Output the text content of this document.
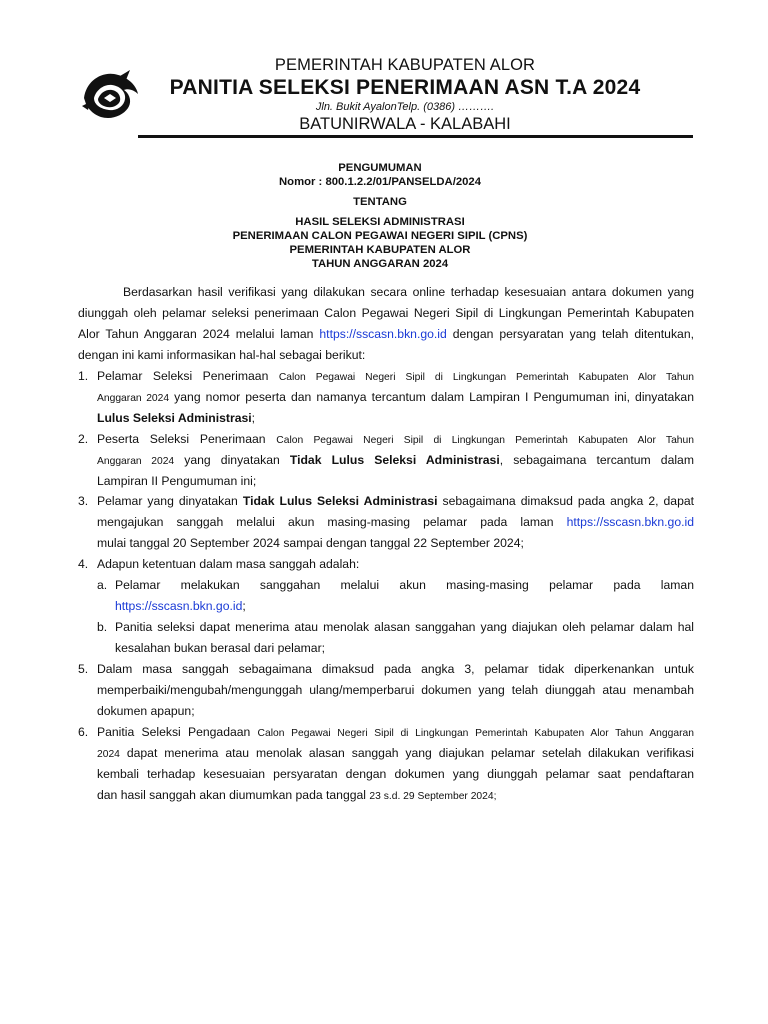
PEMERINTAH KABUPATEN ALOR
PANITIA SELEKSI PENERIMAAN ASN T.A 2024
Jln. Bukit AyalonTelp. (0386) ……….
BATUNIRWALA - KALABAHI
PENGUMUMAN
Nomor : 800.1.2.2/01/PANSELDA/2024
TENTANG
HASIL SELEKSI ADMINISTRASI
PENERIMAAN CALON PEGAWAI NEGERI SIPIL (CPNS)
PEMERINTAH KABUPATEN ALOR
TAHUN ANGGARAN 2024
Berdasarkan hasil verifikasi yang dilakukan secara online terhadap kesesuaian antara dokumen yang
diunggah oleh pelamar seleksi penerimaan Calon Pegawai Negeri Sipil di Lingkungan Pemerintah Kabupaten
Alor Tahun Anggaran 2024 melalui laman https://sscasn.bkn.go.id dengan persyaratan yang telah ditentukan,
dengan ini kami informasikan hal-hal sebagai berikut:
1. Pelamar Seleksi Penerimaan Calon Pegawai Negeri Sipil di Lingkungan Pemerintah Kabupaten Alor Tahun
Anggaran 2024 yang nomor peserta dan namanya tercantum dalam Lampiran I Pengumuman ini, dinyatakan
Lulus Seleksi Administrasi;
2. Peserta Seleksi Penerimaan Calon Pegawai Negeri Sipil di Lingkungan Pemerintah Kabupaten Alor Tahun
Anggaran 2024 yang dinyatakan Tidak Lulus Seleksi Administrasi, sebagaimana tercantum dalam
Lampiran II Pengumuman ini;
3. Pelamar yang dinyatakan Tidak Lulus Seleksi Administrasi sebagaimana dimaksud pada angka 2, dapat
mengajukan sanggah melalui akun masing-masing pelamar pada laman https://sscasn.bkn.go.id
mulai tanggal 20 September 2024 sampai dengan tanggal 22 September 2024;
4. Adapun ketentuan dalam masa sanggah adalah:
a. Pelamar melakukan sanggahan melalui akun masing-masing pelamar pada laman
https://sscasn.bkn.go.id;
b. Panitia seleksi dapat menerima atau menolak alasan sanggahan yang diajukan oleh pelamar dalam hal
kesalahan bukan berasal dari pelamar;
5. Dalam masa sanggah sebagaimana dimaksud pada angka 3, pelamar tidak diperkenankan untuk
memperbaiki/mengubah/mengunggah ulang/memperbarui dokumen yang telah diunggah atau menambah
dokumen apapun;
6. Panitia Seleksi Pengadaan Calon Pegawai Negeri Sipil di Lingkungan Pemerintah Kabupaten Alor Tahun Anggaran
2024 dapat menerima atau menolak alasan sanggah yang diajukan pelamar setelah dilakukan verifikasi
kembali terhadap kesesuaian persyaratan dengan dokumen yang diunggah pelamar saat pendaftaran
dan hasil sanggah akan diumumkan pada tanggal 23 s.d. 29 September 2024;
